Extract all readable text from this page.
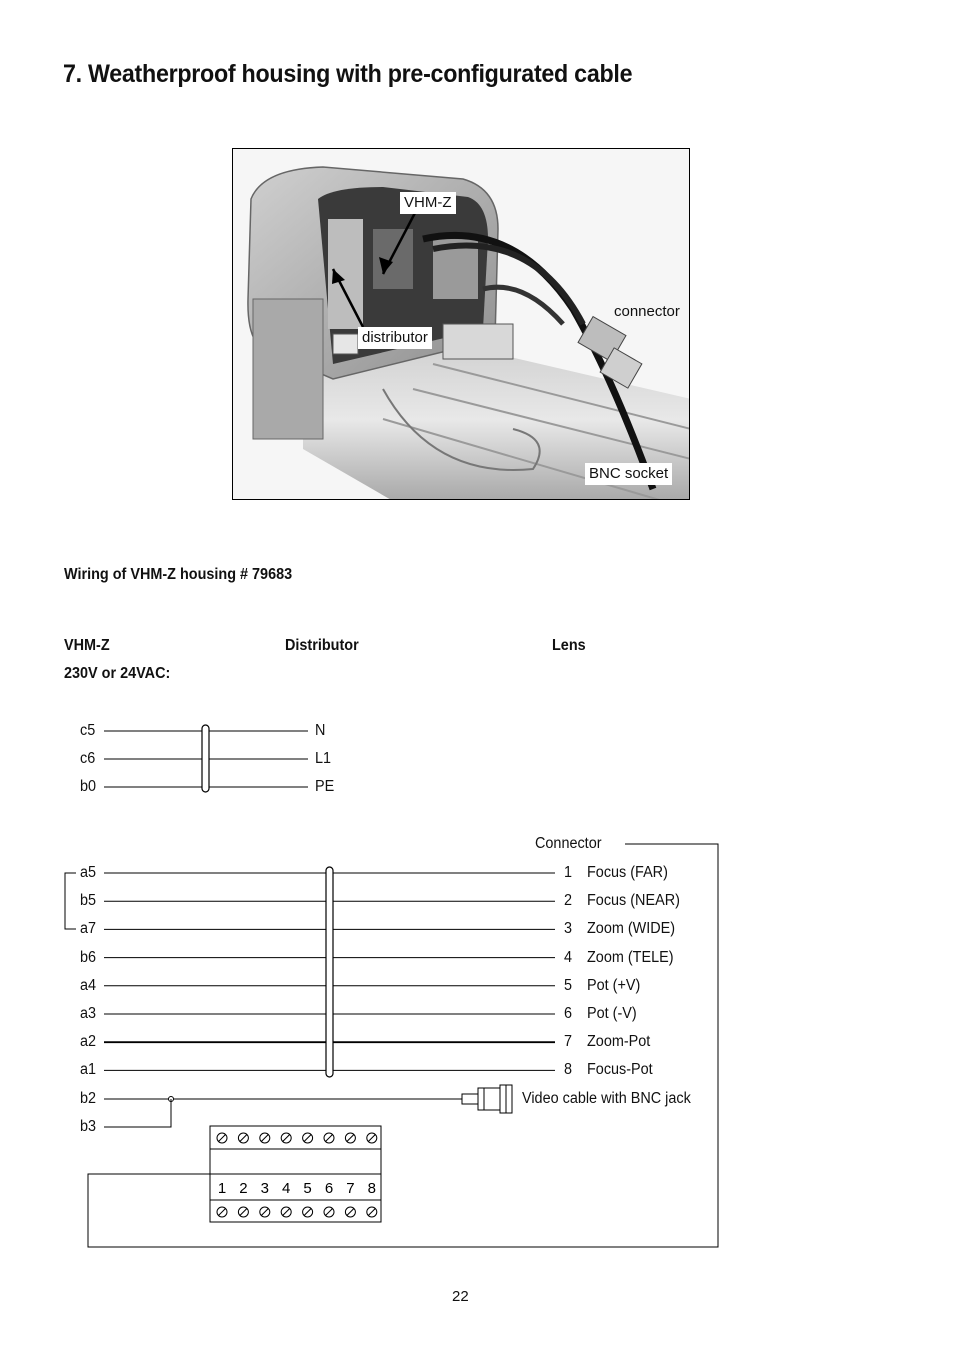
7. Weatherproof housing with pre-configurated cable
VHM-Z
connector
distributor
BNC socket
Wiring of VHM-Z housing # 79683
VHM-Z	Distributor	Lens
230V or 24VAC:
1 2 3 4 5 6 7 8
c5	N
c6	L1
b0	PE
Connector
a5	1 Focus (FAR)
b5	2 Focus (NEAR)
a7	3 Zoom (WIDE)
b6	4 Zoom (TELE)
a4	5 Pot (+V)
a3	6 Pot (-V)
a2	7 Zoom-Pot
a1	8 Focus-Pot
b2	Video cable with BNC jack
b3
22
